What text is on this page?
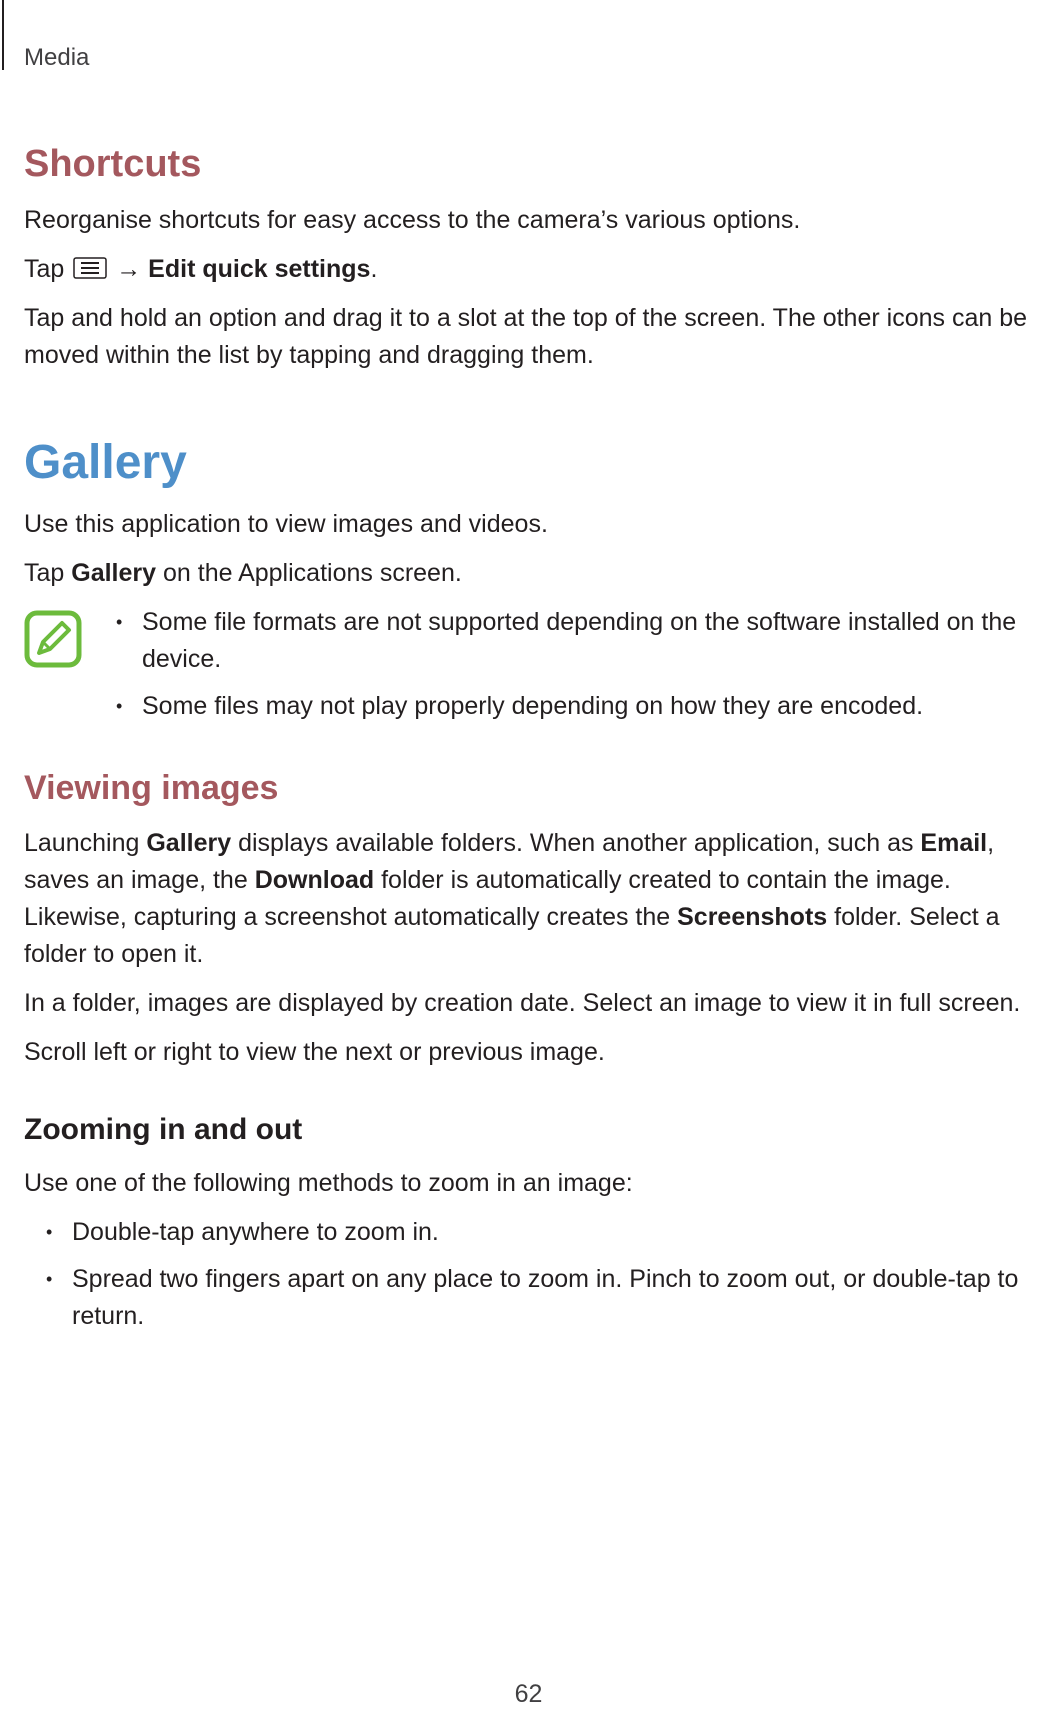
Media
Shortcuts

Reorganise shortcuts for easy access to the camera’s various options.

Tap → Edit quick settings.

Tap and hold an option and drag it to a slot at the top of the screen. The other icons can be moved within the list by tapping and dragging them.

Gallery

Use this application to view images and videos.

Tap Gallery on the Applications screen.

• Some file formats are not supported depending on the software installed on the device.
• Some files may not play properly depending on how they are encoded.
Viewing images

Launching Gallery displays available folders. When another application, such as Email, saves an image, the Download folder is automatically created to contain the image. Likewise, capturing a screenshot automatically creates the Screenshots folder. Select a folder to open it.

In a folder, images are displayed by creation date. Select an image to view it in full screen.

Scroll left or right to view the next or previous image.

Zooming in and out

Use one of the following methods to zoom in an image:

• Double-tap anywhere to zoom in.
• Spread two fingers apart on any place to zoom in. Pinch to zoom out, or double-tap to return.
62
